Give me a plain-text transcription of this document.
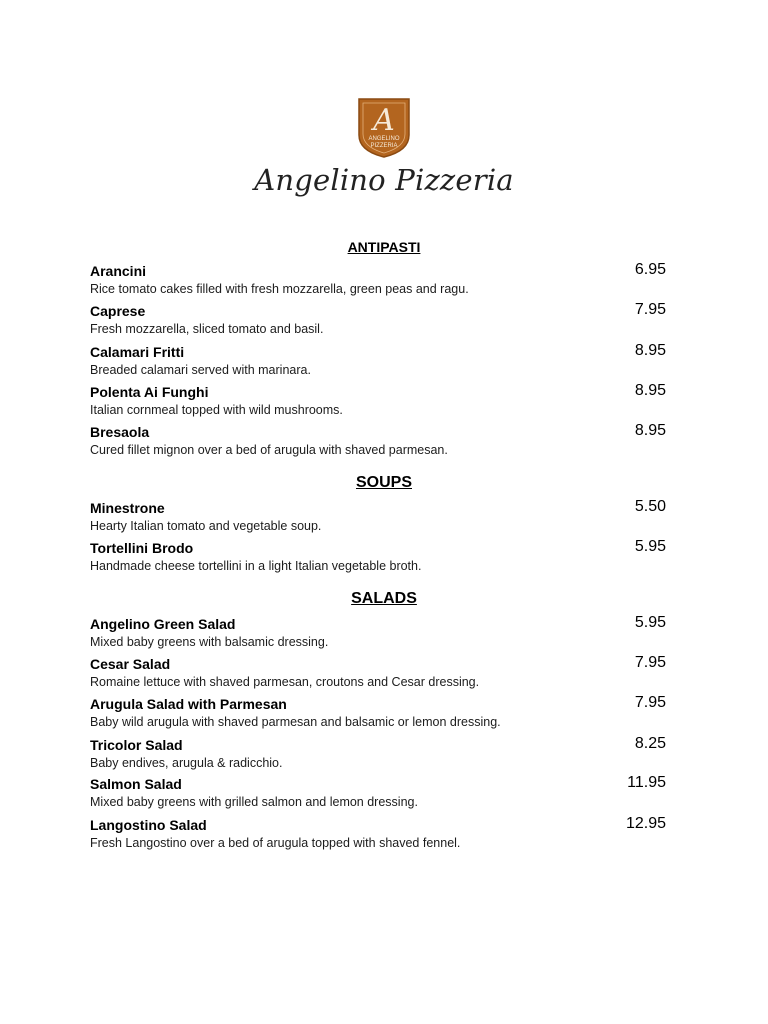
A
ANGELINO
PIZZERIA
Angelino Pizzeria
ANTIPASTI
Arancini
Rice tomato cakes filled with fresh mozzarella, green peas and ragu.
6.95
Caprese
Fresh mozzarella, sliced tomato and basil.
7.95
Calamari Fritti
Breaded calamari served with marinara.
8.95
Polenta Ai Funghi
Italian cornmeal topped with wild mushrooms.
8.95
Bresaola
Cured fillet mignon over a bed of arugula with shaved parmesan.
8.95
SOUPS
Minestrone
Hearty Italian tomato and vegetable soup.
5.50
Tortellini Brodo
Handmade cheese tortellini in a light Italian vegetable broth.
5.95
SALADS
Angelino Green Salad
Mixed baby greens with balsamic dressing.
5.95
Cesar Salad
Romaine lettuce with shaved parmesan, croutons and Cesar dressing.
7.95
Arugula Salad with Parmesan
Baby wild arugula with shaved parmesan and balsamic or lemon dressing.
7.95
Tricolor Salad
Baby endives, arugula & radicchio.
8.25
Salmon Salad
Mixed baby greens with grilled salmon and lemon dressing.
11.95
Langostino Salad
Fresh Langostino over a bed of arugula topped with shaved fennel.
12.95
